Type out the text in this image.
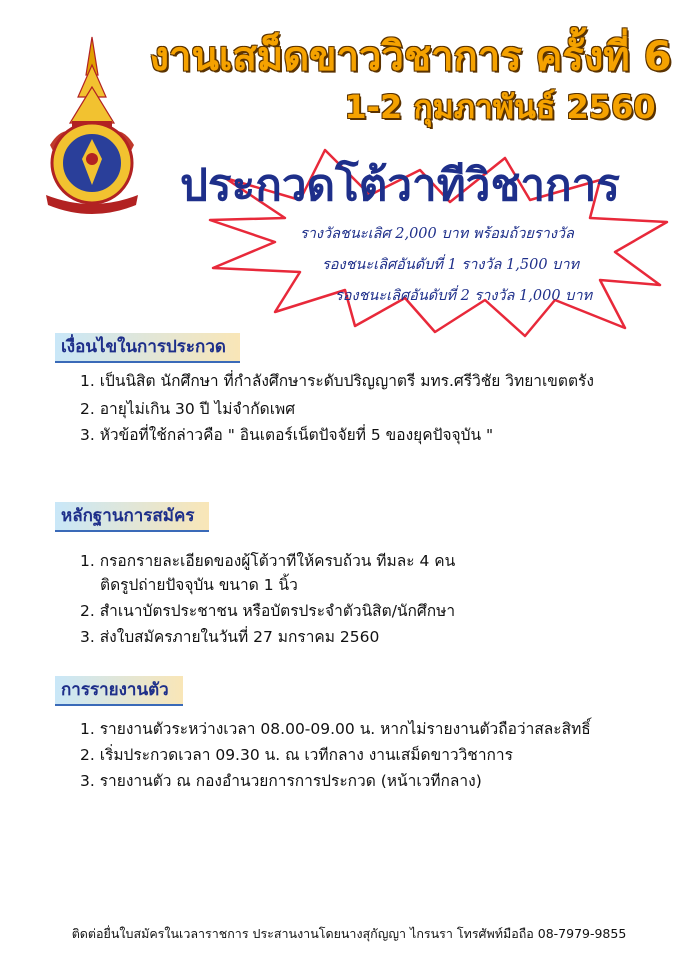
งานเสม็ดขาววิชาการ ครั้งที่ 6
1-2 กุมภาพันธ์ 2560
ประกวดโต้วาทีวิชาการ
รางวัลชนะเลิศ 2,000 บาท พร้อมถ้วยรางวัล
รองชนะเลิศอันดับที่ 1 รางวัล 1,500 บาท
รองชนะเลิศอันดับที่ 2 รางวัล 1,000 บาท
เงื่อนไขในการประกวด
1. เป็นนิสิต นักศึกษา ที่กำลังศึกษาระดับปริญญาตรี มทร.ศรีวิชัย วิทยาเขตตรัง
2. อายุไม่เกิน 30 ปี ไม่จำกัดเพศ
3. หัวข้อที่ใช้กล่าวคือ " อินเตอร์เน็ตปัจจัยที่ 5 ของยุคปัจจุบัน "
หลักฐานการสมัคร
1. กรอกรายละเอียดของผู้โต้วาทีให้ครบถ้วน ทีมละ 4 คน
ติดรูปถ่ายปัจจุบัน ขนาด 1 นิ้ว
2. สำเนาบัตรประชาชน หรือบัตรประจำตัวนิสิต/นักศึกษา
3. ส่งใบสมัครภายในวันที่ 27 มกราคม 2560
การรายงานตัว
1. รายงานตัวระหว่างเวลา 08.00-09.00 น. หากไม่รายงานตัวถือว่าสละสิทธิ์
2. เริ่มประกวดเวลา 09.30 น. ณ เวทีกลาง งานเสม็ดขาววิชาการ
3. รายงานตัว ณ กองอำนวยการการประกวด (หน้าเวทีกลาง)
ติดต่อยื่นใบสมัครในเวลาราชการ ประสานงานโดยนางสุกัญญา ไกรนรา โทรศัพท์มือถือ 08-7979-9855
